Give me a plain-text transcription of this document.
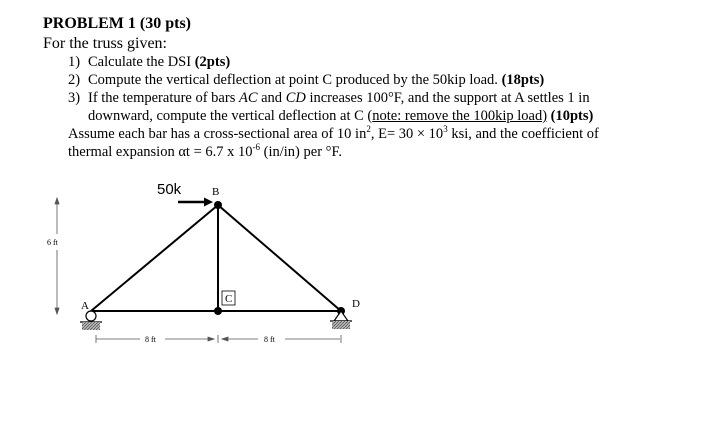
PROBLEM 1 (30 pts)
For the truss given:
1) Calculate the DSI (2pts)
2) Compute the vertical deflection at point C produced by the 50kip load. (18pts)
3) If the temperature of bars AC and CD increases 100°F, and the support at A settles 1 in
downward, compute the vertical deflection at C (note: remove the 100kip load) (10pts)
Assume each bar has a cross-sectional area of 10 $in^2$, $E= 30 \times 10^3$ ksi, and the coefficient of
thermal expansion αt = 6.7 x $10^{-6}$ (in/in) per °F.
50k	B
C
A	D
6 ft
8 ft	8 ft
